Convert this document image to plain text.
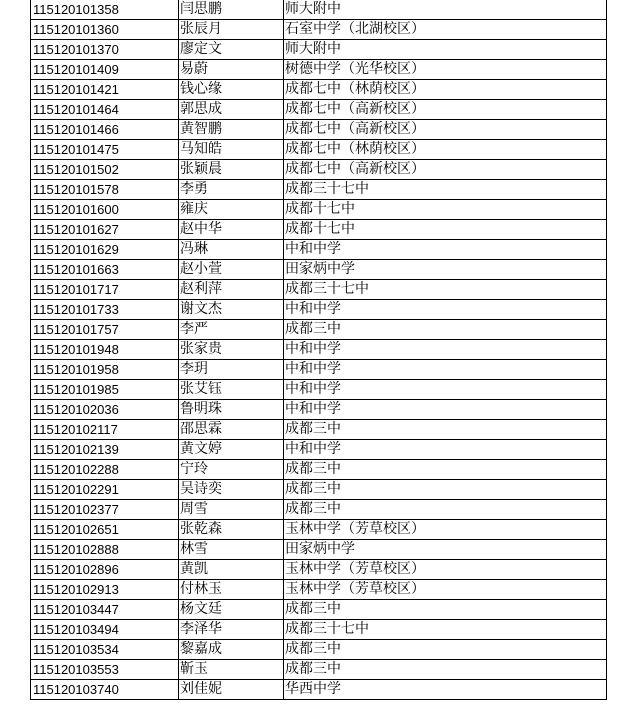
115120101358	闫思鹏	师大附中
115120101360	张辰月	石室中学（北湖校区）
115120101370	廖定文	师大附中
115120101409	易蔚	树德中学（光华校区）
115120101421	钱心缘	成都七中（林荫校区）
115120101464	郭思成	成都七中（高新校区）
115120101466	黄智鹏	成都七中（高新校区）
115120101475	马知皓	成都七中（林荫校区）
115120101502	张颖晨	成都七中（高新校区）
115120101578	李勇	成都三十七中
115120101600	雍庆	成都十七中
115120101627	赵中华	成都十七中
115120101629	冯琳	中和中学
115120101663	赵小萱	田家炳中学
115120101717	赵利萍	成都三十七中
115120101733	谢文杰	中和中学
115120101757	李严	成都三中
115120101948	张家贵	中和中学
115120101958	李玥	中和中学
115120101985	张艾钰	中和中学
115120102036	鲁明珠	中和中学
115120102117	邵思霖	成都三中
115120102139	黄文婷	中和中学
115120102288	宁玲	成都三中
115120102291	吴诗奕	成都三中
115120102377	周雪	成都三中
115120102651	张乾森	玉林中学（芳草校区）
115120102888	林雪	田家炳中学
115120102896	黄凯	玉林中学（芳草校区）
115120102913	付林玉	玉林中学（芳草校区）
115120103447	杨文廷	成都三中
115120103494	李泽华	成都三十七中
115120103534	黎嘉成	成都三中
115120103553	靳玉	成都三中
115120103740	刘佳妮	华西中学
